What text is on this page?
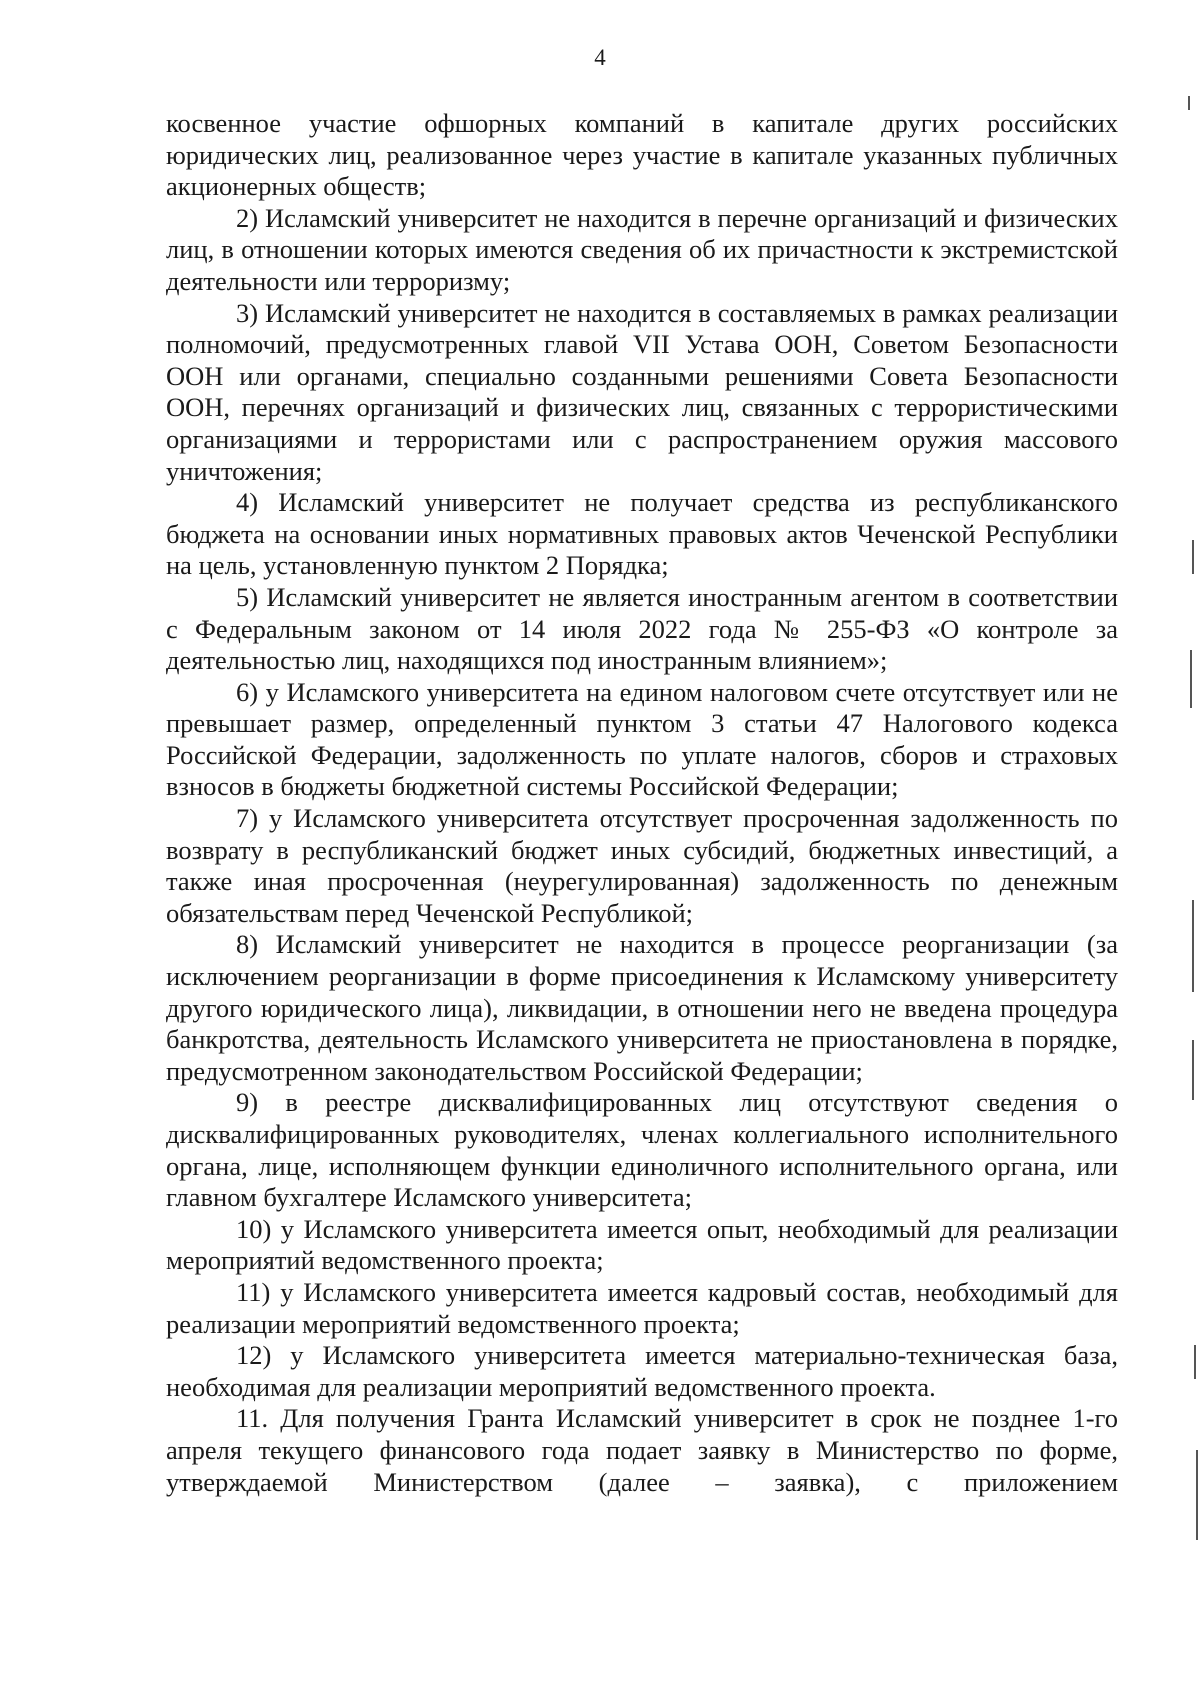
4

косвенное участие офшорных компаний в капитале других российских юридических лиц, реализованное через участие в капитале указанных публичных акционерных обществ;

2) Исламский университет не находится в перечне организаций и физических лиц, в отношении которых имеются сведения об их причастности к экстремистской деятельности или терроризму;

3) Исламский университет не находится в составляемых в рамках реализации полномочий, предусмотренных главой VII Устава ООН, Советом Безопасности ООН или органами, специально созданными решениями Совета Безопасности ООН, перечнях организаций и физических лиц, связанных с террористическими организациями и террористами или с распространением оружия массового уничтожения;

4) Исламский университет не получает средства из республиканского бюджета на основании иных нормативных правовых актов Чеченской Республики на цель, установленную пунктом 2 Порядка;

5) Исламский университет не является иностранным агентом в соответствии с Федеральным законом от 14 июля 2022 года № 255-ФЗ «О контроле за деятельностью лиц, находящихся под иностранным влиянием»;

6) у Исламского университета на едином налоговом счете отсутствует или не превышает размер, определенный пунктом 3 статьи 47 Налогового кодекса Российской Федерации, задолженность по уплате налогов, сборов и страховых взносов в бюджеты бюджетной системы Российской Федерации;

7) у Исламского университета отсутствует просроченная задолженность по возврату в республиканский бюджет иных субсидий, бюджетных инвестиций, а также иная просроченная (неурегулированная) задолженность по денежным обязательствам перед Чеченской Республикой;

8) Исламский университет не находится в процессе реорганизации (за исключением реорганизации в форме присоединения к Исламскому университету другого юридического лица), ликвидации, в отношении него не введена процедура банкротства, деятельность Исламского университета не приостановлена в порядке, предусмотренном законодательством Российской Федерации;

9) в реестре дисквалифицированных лиц отсутствуют сведения о дисквалифицированных руководителях, членах коллегиального исполнительного органа, лице, исполняющем функции единоличного исполнительного органа, или главном бухгалтере Исламского университета;

10) у Исламского университета имеется опыт, необходимый для реализации мероприятий ведомственного проекта;

11) у Исламского университета имеется кадровый состав, необходимый для реализации мероприятий ведомственного проекта;

12) у Исламского университета имеется материально-техническая база, необходимая для реализации мероприятий ведомственного проекта.

11. Для получения Гранта Исламский университет в срок не позднее 1-го апреля текущего финансового года подает заявку в Министерство по форме, утверждаемой Министерством (далее – заявка), с приложением
